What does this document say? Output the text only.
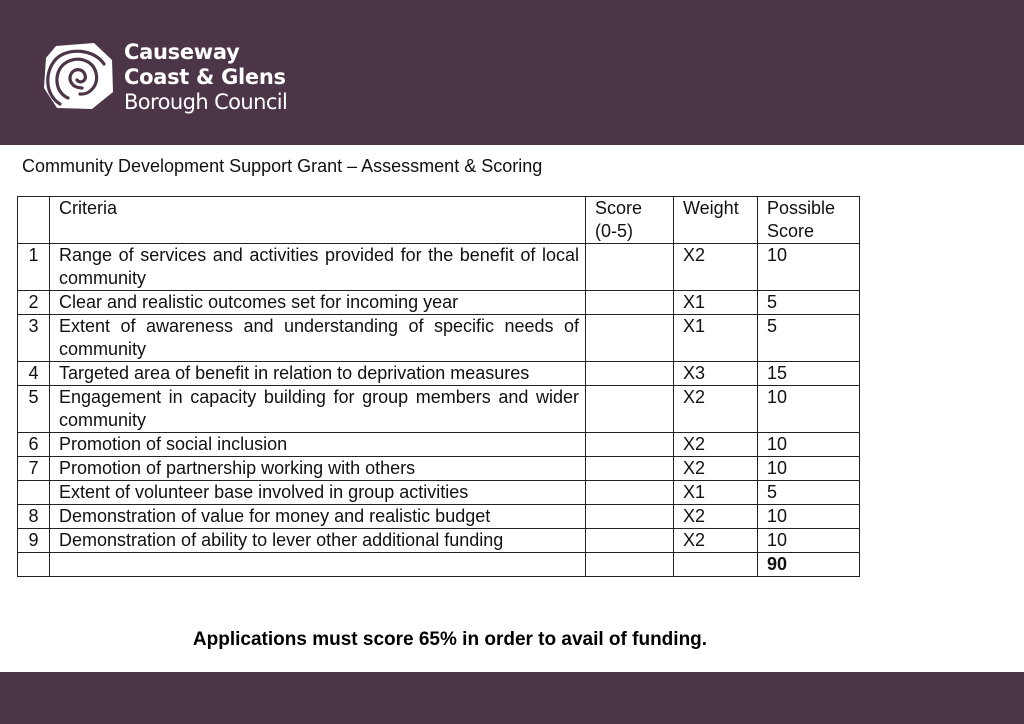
Causeway
Coast & Glens
Borough Council
Community Development Support Grant – Assessment & Scoring
	Criteria	Score (0-5)	Weight	Possible Score
1	Range of services and activities provided for the benefit of local community		X2	10
2	Clear and realistic outcomes set for incoming year		X1	5
3	Extent of awareness and understanding of specific needs of community		X1	5
4	Targeted area of benefit in relation to deprivation measures		X3	15
5	Engagement in capacity building for group members and wider community		X2	10
6	Promotion of social inclusion		X2	10
7	Promotion of partnership working with others		X2	10
	Extent of volunteer base involved in group activities		X1	5
8	Demonstration of value for money and realistic budget		X2	10
9	Demonstration of ability to lever other additional funding		X2	10
				90
Applications must score 65% in order to avail of funding.
